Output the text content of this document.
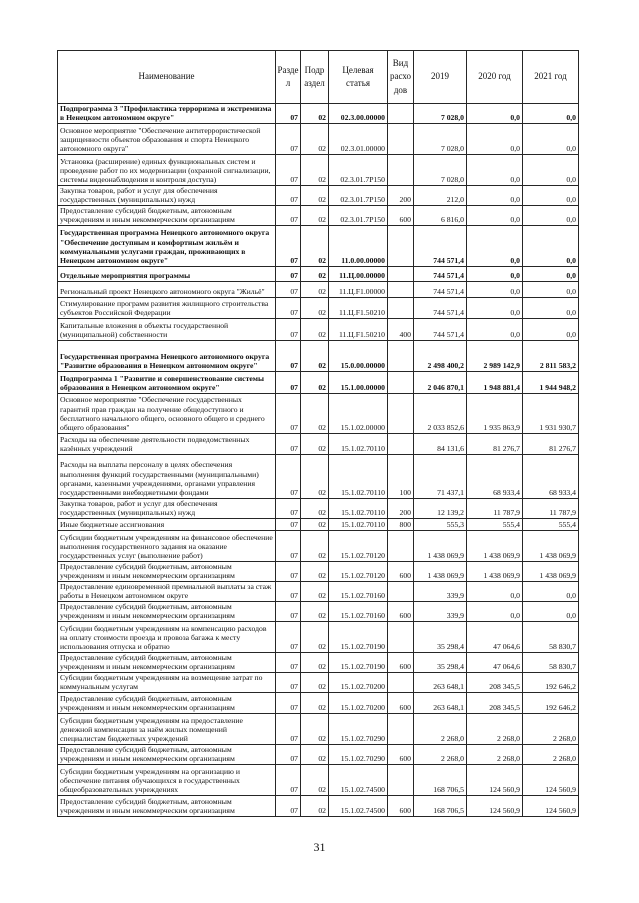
Наименование	Раздел	Подраздел	Целевая статья	Вид расходов	2019	2020 год	2021 год
Подпрограмма 3 "Профилактика терроризма и экстремизма в Ненецком автономном округе"	07	02	02.3.00.00000		7 028,0	0,0	0,0
Основное мероприятие "Обеспечение антитеррористической защищенности объектов образования и спорта Ненецкого автономного округа"	07	02	02.3.01.00000		7 028,0	0,0	0,0
Установка (расширение) единых функциональных систем и проведение работ по их модернизации (охранной сигнализации, системы видеонаблюдения и контроля доступа)	07	02	02.3.01.7P150		7 028,0	0,0	0,0
Закупка товаров, работ и услуг для обеспечения государственных (муниципальных) нужд	07	02	02.3.01.7P150	200	212,0	0,0	0,0
Предоставление субсидий бюджетным, автономным учреждениям и иным некоммерческим организациям	07	02	02.3.01.7P150	600	6 816,0	0,0	0,0
Государственная программа Ненецкого автономного округа "Обеспечение доступным и комфортным жильём и коммунальными услугами граждан, проживающих в Ненецком автономном округе"	07	02	11.0.00.00000		744 571,4	0,0	0,0
Отдельные мероприятия программы	07	02	11.Ц.00.00000		744 571,4	0,0	0,0
Региональный проект Ненецкого автономного округа "Жильё"	07	02	11.Ц.F1.00000		744 571,4	0,0	0,0
Стимулирование программ развития жилищного строительства субъектов Российской Федерации	07	02	11.Ц.F1.50210		744 571,4	0,0	0,0
Капитальные вложения в объекты государственной (муниципальной) собственности	07	02	11.Ц.F1.50210	400	744 571,4	0,0	0,0
Государственная программа Ненецкого автономного округа "Развитие образования в Ненецком автономном округе"	07	02	15.0.00.00000		2 498 400,2	2 989 142,9	2 811 583,2
Подпрограмма 1 "Развитие и совершенствование системы образования в Ненецком автономном округе"	07	02	15.1.00.00000		2 046 870,1	1 948 881,4	1 944 948,2
Основное мероприятие "Обеспечение государственных гарантий прав граждан на получение общедоступного и бесплатного начального общего, основного общего и среднего общего образования"	07	02	15.1.02.00000		2 033 852,6	1 935 863,9	1 931 930,7
Расходы на обеспечение деятельности подведомственных казённых учреждений	07	02	15.1.02.70110		84 131,6	81 276,7	81 276,7
Расходы на выплаты персоналу в целях обеспечения выполнения функций государственными (муниципальными) органами, казенными учреждениями, органами управления государственными внебюджетными фондами	07	02	15.1.02.70110	100	71 437,1	68 933,4	68 933,4
Закупка товаров, работ и услуг для обеспечения государственных (муниципальных) нужд	07	02	15.1.02.70110	200	12 139,2	11 787,9	11 787,9
Иные бюджетные ассигнования	07	02	15.1.02.70110	800	555,3	555,4	555,4
Субсидии бюджетным учреждениям на финансовое обеспечение выполнения государственного задания на оказание государственных услуг (выполнение работ)	07	02	15.1.02.70120		1 438 069,9	1 438 069,9	1 438 069,9
Предоставление субсидий бюджетным, автономным учреждениям и иным некоммерческим организациям	07	02	15.1.02.70120	600	1 438 069,9	1 438 069,9	1 438 069,9
Предоставление единовременной премиальной выплаты за стаж работы в Ненецком автономном округе	07	02	15.1.02.70160		339,9	0,0	0,0
Предоставление субсидий бюджетным, автономным учреждениям и иным некоммерческим организациям	07	02	15.1.02.70160	600	339,9	0,0	0,0
Субсидии бюджетным учреждениям на компенсацию расходов на оплату стоимости проезда и провоза багажа к месту использования отпуска и обратно	07	02	15.1.02.70190		35 298,4	47 064,6	58 830,7
Предоставление субсидий бюджетным, автономным учреждениям и иным некоммерческим организациям	07	02	15.1.02.70190	600	35 298,4	47 064,6	58 830,7
Субсидии бюджетным учреждениям на возмещение затрат по коммунальным услугам	07	02	15.1.02.70200		263 648,1	208 345,5	192 646,2
Предоставление субсидий бюджетным, автономным учреждениям и иным некоммерческим организациям	07	02	15.1.02.70200	600	263 648,1	208 345,5	192 646,2
Субсидии бюджетным учреждениям на предоставление денежной компенсации за наём жилых помещений специалистам бюджетных учреждений	07	02	15.1.02.70290		2 268,0	2 268,0	2 268,0
Предоставление субсидий бюджетным, автономным учреждениям и иным некоммерческим организациям	07	02	15.1.02.70290	600	2 268,0	2 268,0	2 268,0
Субсидии бюджетным учреждениям на организацию и обеспечение питания обучающихся в государственных общеобразовательных учреждениях	07	02	15.1.02.74500		168 706,5	124 560,9	124 560,9
Предоставление субсидий бюджетным, автономным учреждениям и иным некоммерческим организациям	07	02	15.1.02.74500	600	168 706,5	124 560,9	124 560,9
31
